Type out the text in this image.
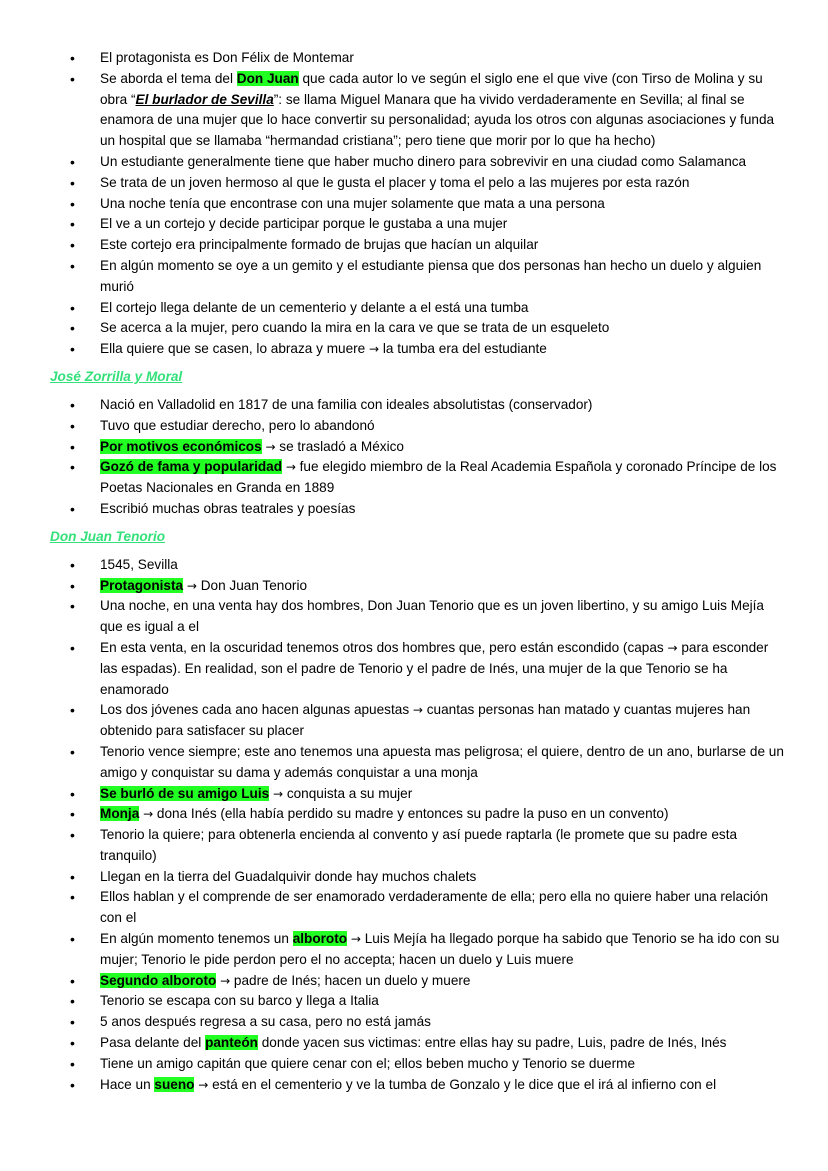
• El protagonista es Don Félix de Montemar
• Se aborda el tema del Don Juan que cada autor lo ve según el siglo ene el que vive (con Tirso de Molina y su obra “El burlador de Sevilla”: se llama Miguel Manara que ha vivido verdaderamente en Sevilla; al final se enamora de una mujer que lo hace convertir su personalidad; ayuda los otros con algunas asociaciones y funda un hospital que se llamaba “hermandad cristiana”; pero tiene que morir por lo que ha hecho)
• Un estudiante generalmente tiene que haber mucho dinero para sobrevivir en una ciudad como Salamanca
• Se trata de un joven hermoso al que le gusta el placer y toma el pelo a las mujeres por esta razón
• Una noche tenía que encontrase con una mujer solamente que mata a una persona
• El ve a un cortejo y decide participar porque le gustaba a una mujer
• Este cortejo era principalmente formado de brujas que hacían un alquilar
• En algún momento se oye a un gemito y el estudiante piensa que dos personas han hecho un duelo y alguien murió
• El cortejo llega delante de un cementerio y delante a el está una tumba
• Se acerca a la mujer, pero cuando la mira en la cara ve que se trata de un esqueleto
• Ella quiere que se casen, lo abraza y muere → la tumba era del estudiante
José Zorrilla y Moral
• Nació en Valladolid en 1817 de una familia con ideales absolutistas (conservador)
• Tuvo que estudiar derecho, pero lo abandonó
• Por motivos económicos → se trasladó a México
• Gozó de fama y popularidad → fue elegido miembro de la Real Academia Española y coronado Príncipe de los Poetas Nacionales en Granda en 1889
• Escribió muchas obras teatrales y poesías
Don Juan Tenorio
• 1545, Sevilla
• Protagonista → Don Juan Tenorio
• Una noche, en una venta hay dos hombres, Don Juan Tenorio que es un joven libertino, y su amigo Luis Mejía que es igual a el
• En esta venta, en la oscuridad tenemos otros dos hombres que, pero están escondido (capas → para esconder las espadas). En realidad, son el padre de Tenorio y el padre de Inés, una mujer de la que Tenorio se ha enamorado
• Los dos jóvenes cada ano hacen algunas apuestas → cuantas personas han matado y cuantas mujeres han obtenido para satisfacer su placer
• Tenorio vence siempre; este ano tenemos una apuesta mas peligrosa; el quiere, dentro de un ano, burlarse de un amigo y conquistar su dama y además conquistar a una monja
• Se burló de su amigo Luis → conquista a su mujer
• Monja → dona Inés (ella había perdido su madre y entonces su padre la puso en un convento)
• Tenorio la quiere; para obtenerla encienda al convento y así puede raptarla (le promete que su padre esta tranquilo)
• Llegan en la tierra del Guadalquivir donde hay muchos chalets
• Ellos hablan y el comprende de ser enamorado verdaderamente de ella; pero ella no quiere haber una relación con el
• En algún momento tenemos un alboroto → Luis Mejía ha llegado porque ha sabido que Tenorio se ha ido con su mujer; Tenorio le pide perdon pero el no accepta; hacen un duelo y Luis muere
• Segundo alboroto → padre de Inés; hacen un duelo y muere
• Tenorio se escapa con su barco y llega a Italia
• 5 anos después regresa a su casa, pero no está jamás
• Pasa delante del panteón donde yacen sus victimas: entre ellas hay su padre, Luis, padre de Inés, Inés
• Tiene un amigo capitán que quiere cenar con el; ellos beben mucho y Tenorio se duerme
• Hace un sueno → está en el cementerio y ve la tumba de Gonzalo y le dice que el irá al infierno con el
